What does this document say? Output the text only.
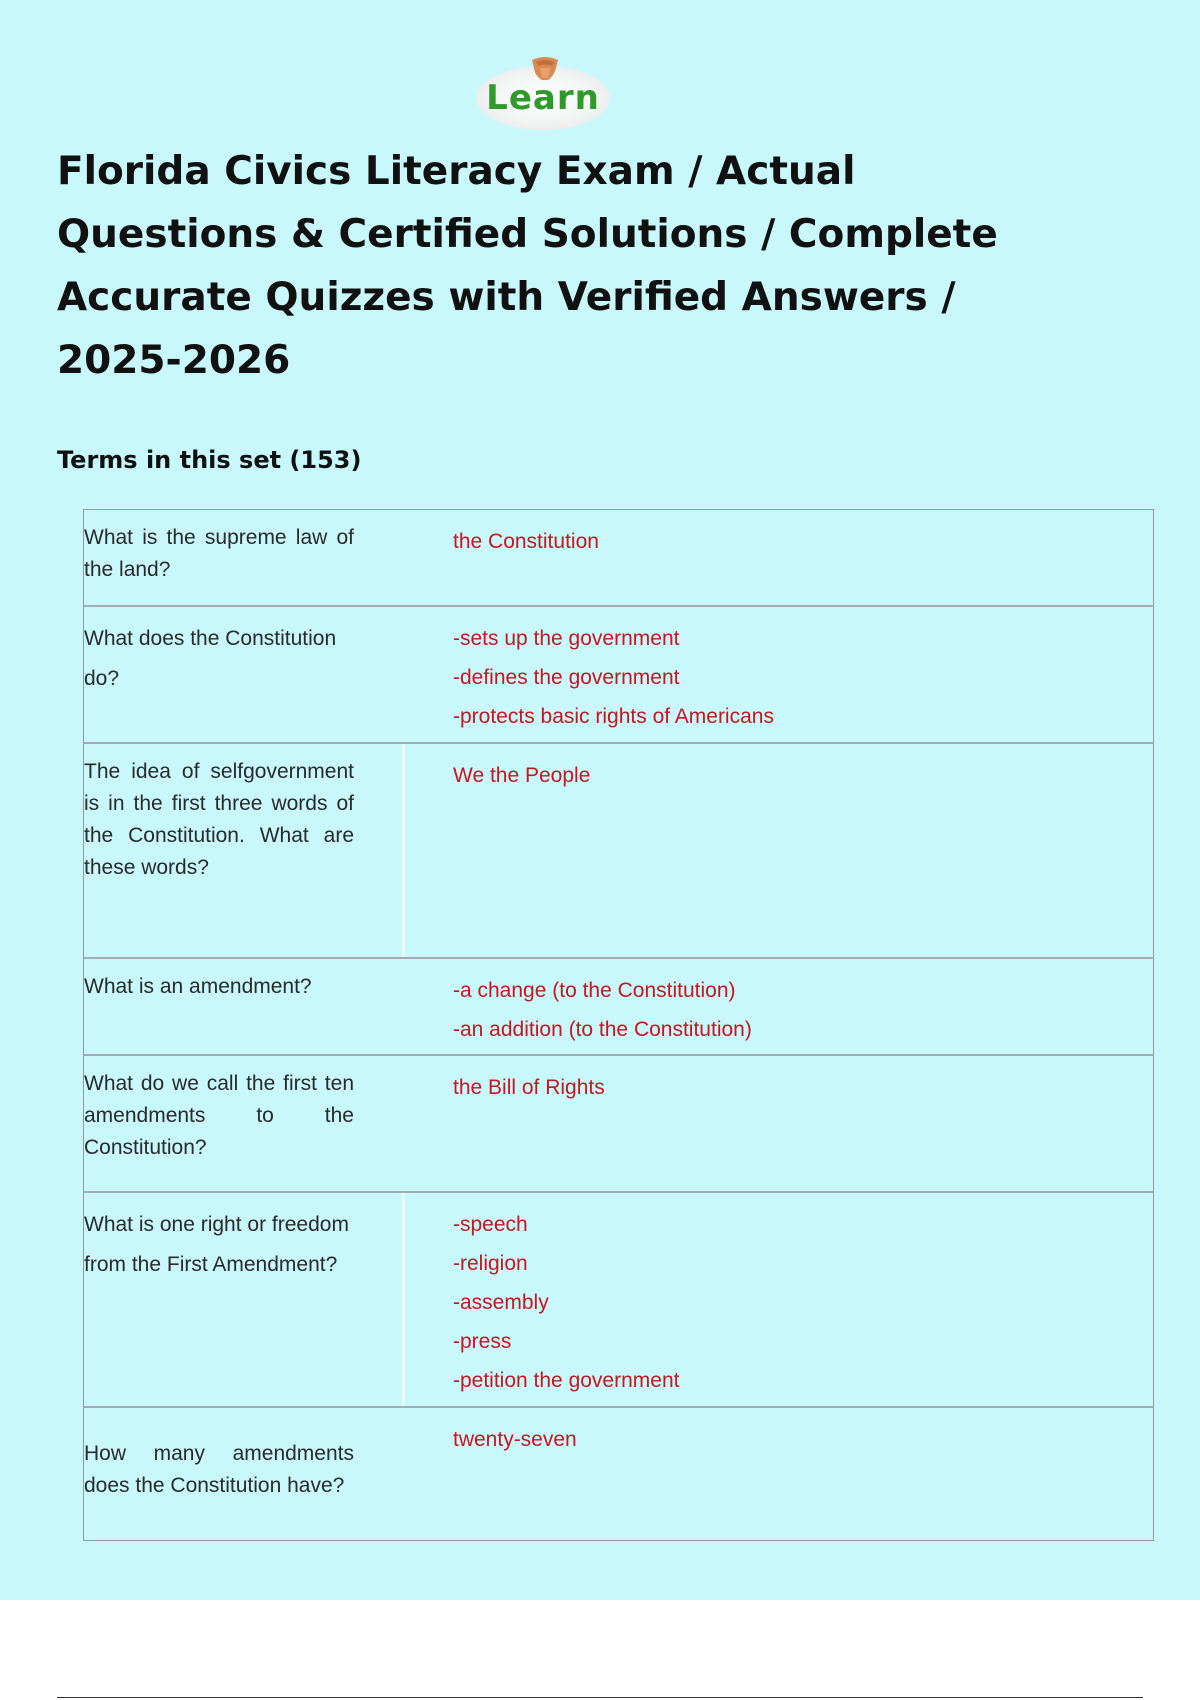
Learn
Florida Civics Literacy Exam / Actual Questions & Certified Solutions / Complete Accurate Quizzes with Verified Answers / 2025-2026
Terms in this set (153)
What is the supreme law of the land?
the Constitution
What does the Constitution do?
-sets up the government
-defines the government
-protects basic rights of Americans
The idea of selfgovernment is in the first three words of the Constitution. What are these words?
We the People
What is an amendment?	-a change (to the Constitution)
-an addition (to the Constitution)
What do we call the first ten amendments to the Constitution?
the Bill of Rights
What is one right or freedom from the First Amendment?
-speech
-religion
-assembly
-press
-petition the government
How many amendments does the Constitution have?
twenty-seven
